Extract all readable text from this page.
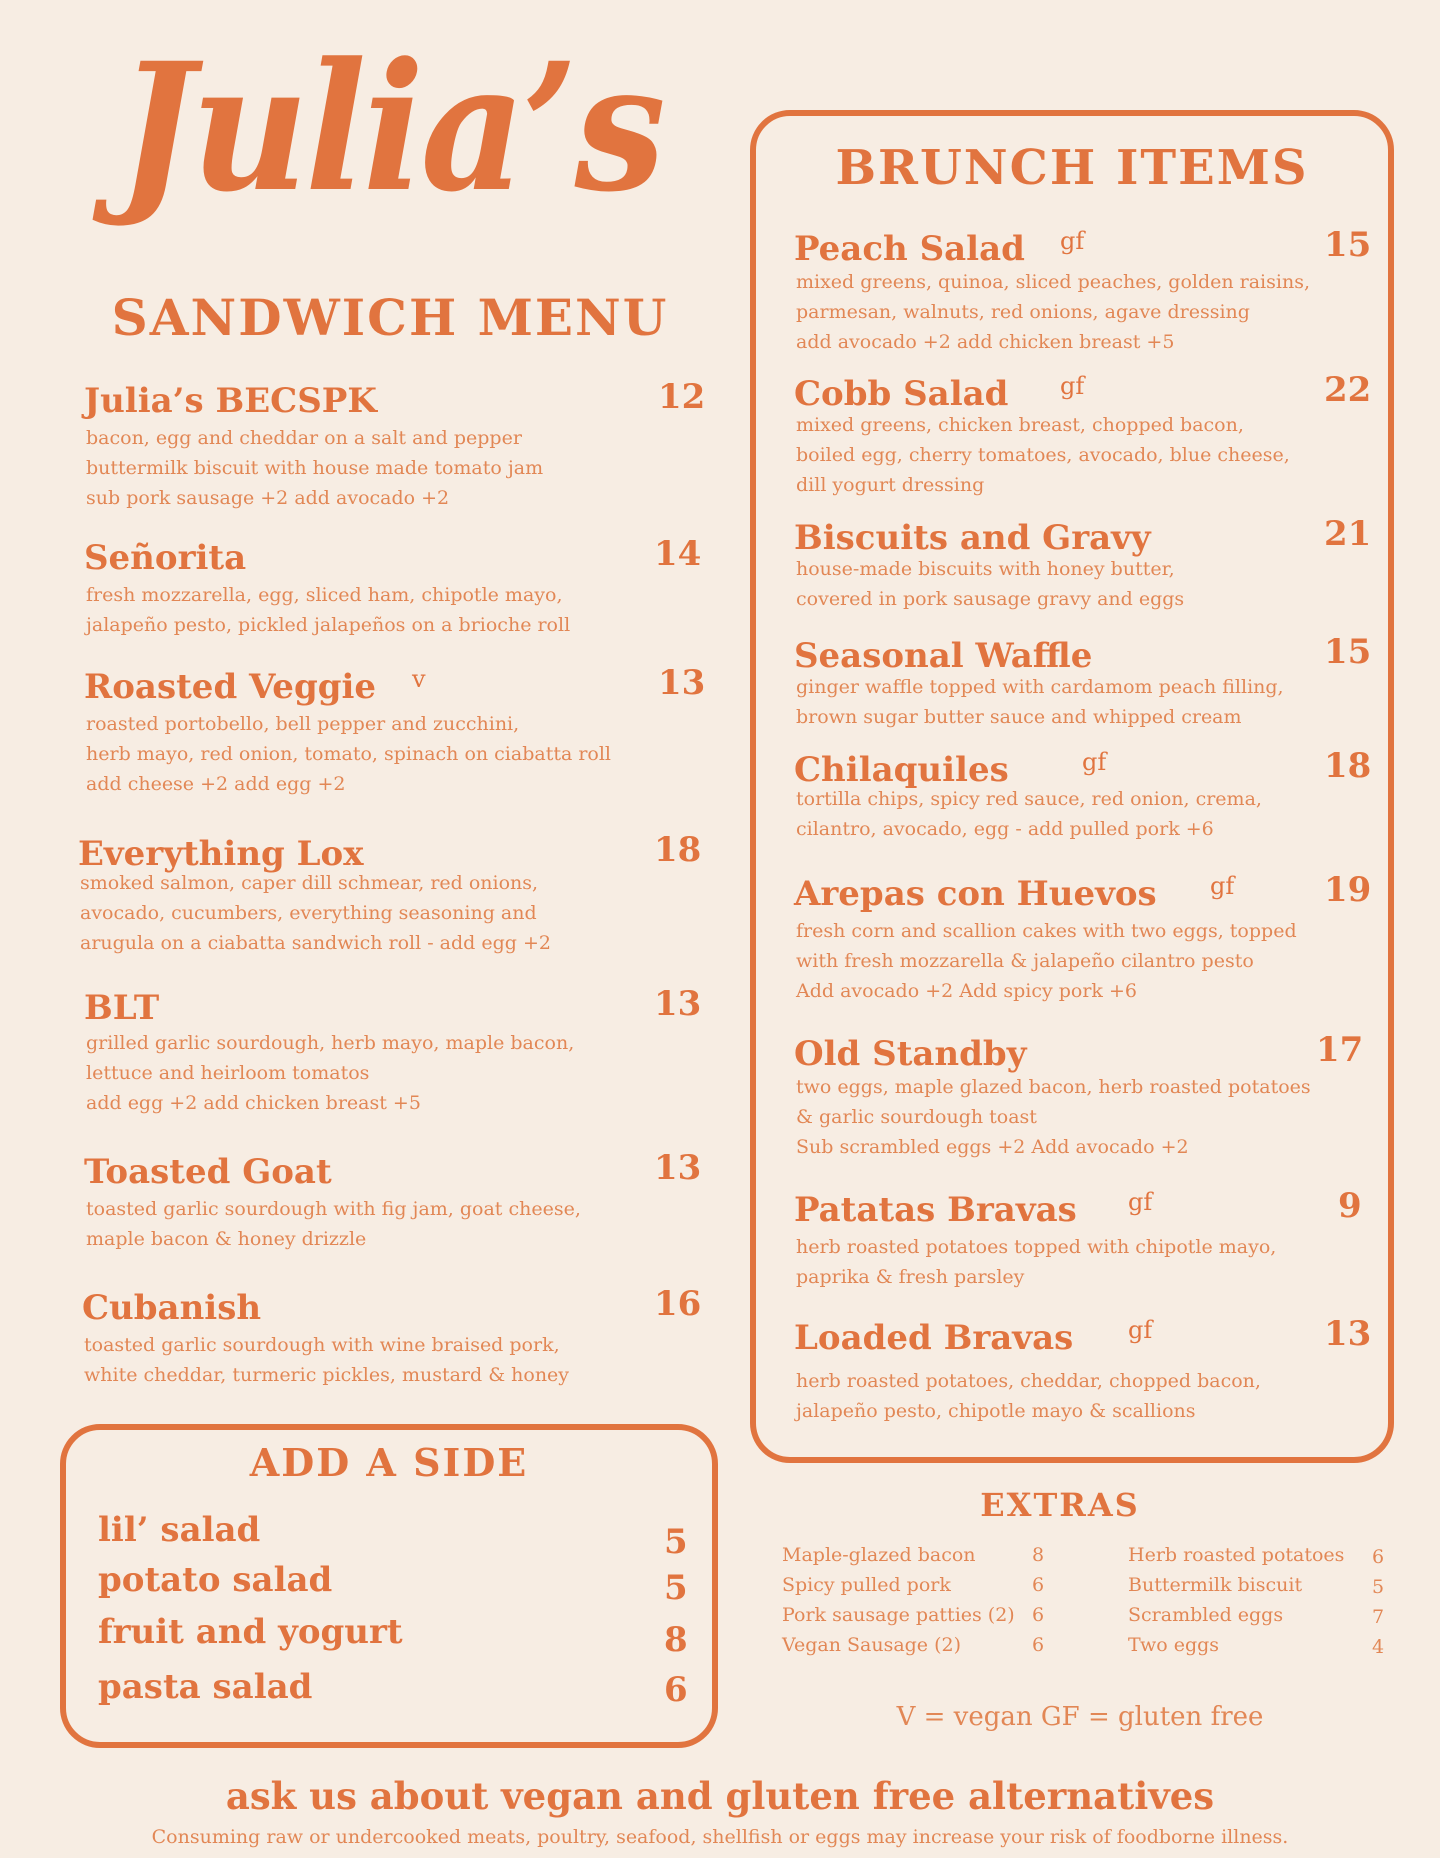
Julia’s
SANDWICH MENU
Julia’s BECSPK	12
bacon, egg and cheddar on a salt and pepper
buttermilk biscuit with house made tomato jam
sub pork sausage +2 add avocado +2
Señorita	14
fresh mozzarella, egg, sliced ham, chipotle mayo,
jalapeño pesto, pickled jalapeños on a brioche roll
Roasted Veggie v	13
roasted portobello, bell pepper and zucchini,
herb mayo, red onion, tomato, spinach on ciabatta roll
add cheese +2 add egg +2
Everything Lox	18
smoked salmon, caper dill schmear, red onions,
avocado, cucumbers, everything seasoning and
arugula on a ciabatta sandwich roll - add egg +2
BLT	13
grilled garlic sourdough, herb mayo, maple bacon,
lettuce and heirloom tomatos
add egg +2 add chicken breast +5
Toasted Goat	13
toasted garlic sourdough with fig jam, goat cheese,
maple bacon & honey drizzle
Cubanish	16
toasted garlic sourdough with wine braised pork,
white cheddar, turmeric pickles, mustard & honey
ADD A SIDE
lil’ salad	5
potato salad	5
fruit and yogurt	8
pasta salad	6
BRUNCH ITEMS
Peach Salad gf	15
mixed greens, quinoa, sliced peaches, golden raisins,
parmesan, walnuts, red onions, agave dressing
add avocado +2 add chicken breast +5
Cobb Salad gf	22
mixed greens, chicken breast, chopped bacon,
boiled egg, cherry tomatoes, avocado, blue cheese,
dill yogurt dressing
Biscuits and Gravy	21
house-made biscuits with honey butter,
covered in pork sausage gravy and eggs
Seasonal Waffle	15
ginger waffle topped with cardamom peach filling,
brown sugar butter sauce and whipped cream
Chilaquiles	gf	18
tortilla chips, spicy red sauce, red onion, crema,
cilantro, avocado, egg - add pulled pork +6
Arepas con Huevos gf	19
fresh corn and scallion cakes with two eggs, topped
with fresh mozzarella & jalapeño cilantro pesto
Add avocado +2 Add spicy pork +6
Old Standby	17
two eggs, maple glazed bacon, herb roasted potatoes
& garlic sourdough toast
Sub scrambled eggs +2 Add avocado +2
Patatas Bravas gf	9
herb roasted potatoes topped with chipotle mayo,
paprika & fresh parsley
Loaded Bravas gf	13
herb roasted potatoes, cheddar, chopped bacon,
jalapeño pesto, chipotle mayo & scallions
EXTRAS
Maple-glazed bacon	8
Spicy pulled pork	6
Pork sausage patties (2) 6
Vegan Sausage (2)	6
Herb roasted potatoes 6
Buttermilk biscuit	5
Scrambled eggs	7
Two eggs	4
V = vegan GF = gluten free
ask us about vegan and gluten free alternatives
Consuming raw or undercooked meats, poultry, seafood, shellfish or eggs may increase your risk of foodborne illness.
